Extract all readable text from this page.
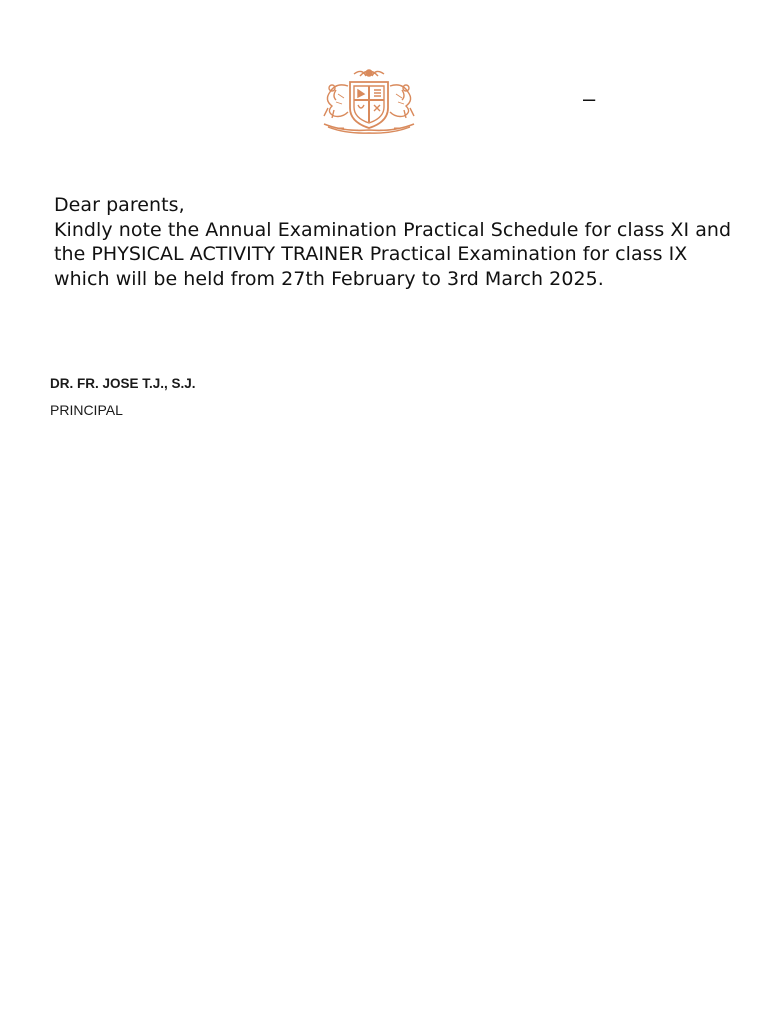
–

Dear parents,

Kindly note the Annual Examination Practical Schedule for class XI and the PHYSICAL ACTIVITY TRAINER Practical Examination for class IX which will be held from 27th February to 3rd March 2025.

DR. FR. JOSE T.J., S.J.
PRINCIPAL
